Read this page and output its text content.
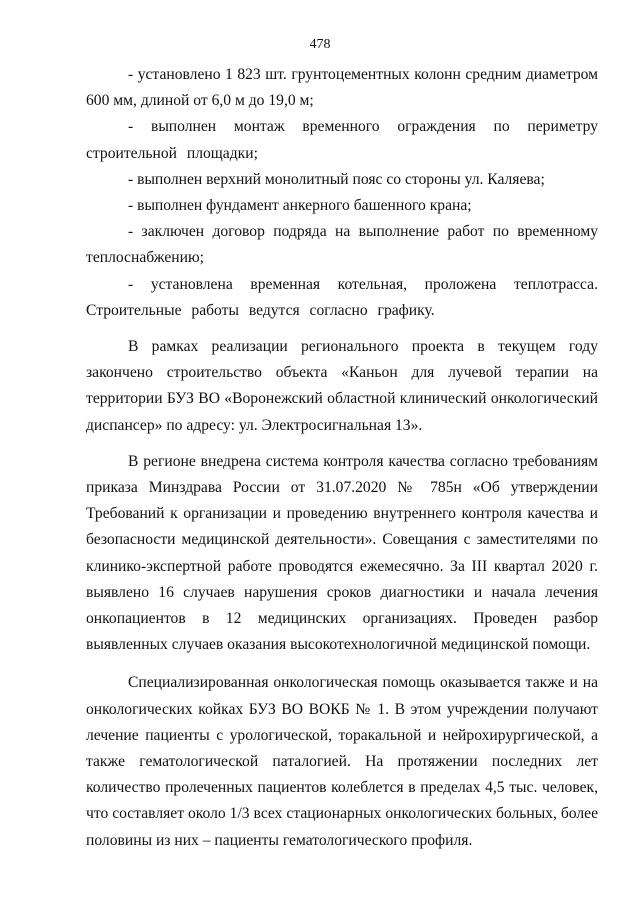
478

- установлено 1 823 шт. грунтоцементных колонн средним диаметром 600 мм, длиной от 6,0 м до 19,0 м;

- выполнен монтаж временного ограждения по периметру строительной площадки;

- выполнен верхний монолитный пояс со стороны ул. Каляева;

- выполнен фундамент анкерного башенного крана;

- заключен договор подряда на выполнение работ по временному теплоснабжению;

- установлена временная котельная, проложена теплотрасса. Строительные работы ведутся согласно графику.

В рамках реализации регионального проекта в текущем году закончено строительство объекта «Каньон для лучевой терапии на территории БУЗ ВО «Воронежский областной клинический онкологический диспансер» по адресу: ул. Электросигнальная 13».

В регионе внедрена система контроля качества согласно требованиям приказа Минздрава России от 31.07.2020 № 785н «Об утверждении Требований к организации и проведению внутреннего контроля качества и безопасности медицинской деятельности». Совещания с заместителями по клинико-экспертной работе проводятся ежемесячно. За III квартал 2020 г. выявлено 16 случаев нарушения сроков диагностики и начала лечения онкопациентов в 12 медицинских организациях. Проведен разбор выявленных случаев оказания высокотехнологичной медицинской помощи.

Специализированная онкологическая помощь оказывается также и на онкологических койках БУЗ ВО ВОКБ № 1. В этом учреждении получают лечение пациенты с урологической, торакальной и нейрохирургической, а также гематологической паталогией. На протяжении последних лет количество пролеченных пациентов колеблется в пределах 4,5 тыс. человек, что составляет около 1/3 всех стационарных онкологических больных, более половины из них – пациенты гематологического профиля.
